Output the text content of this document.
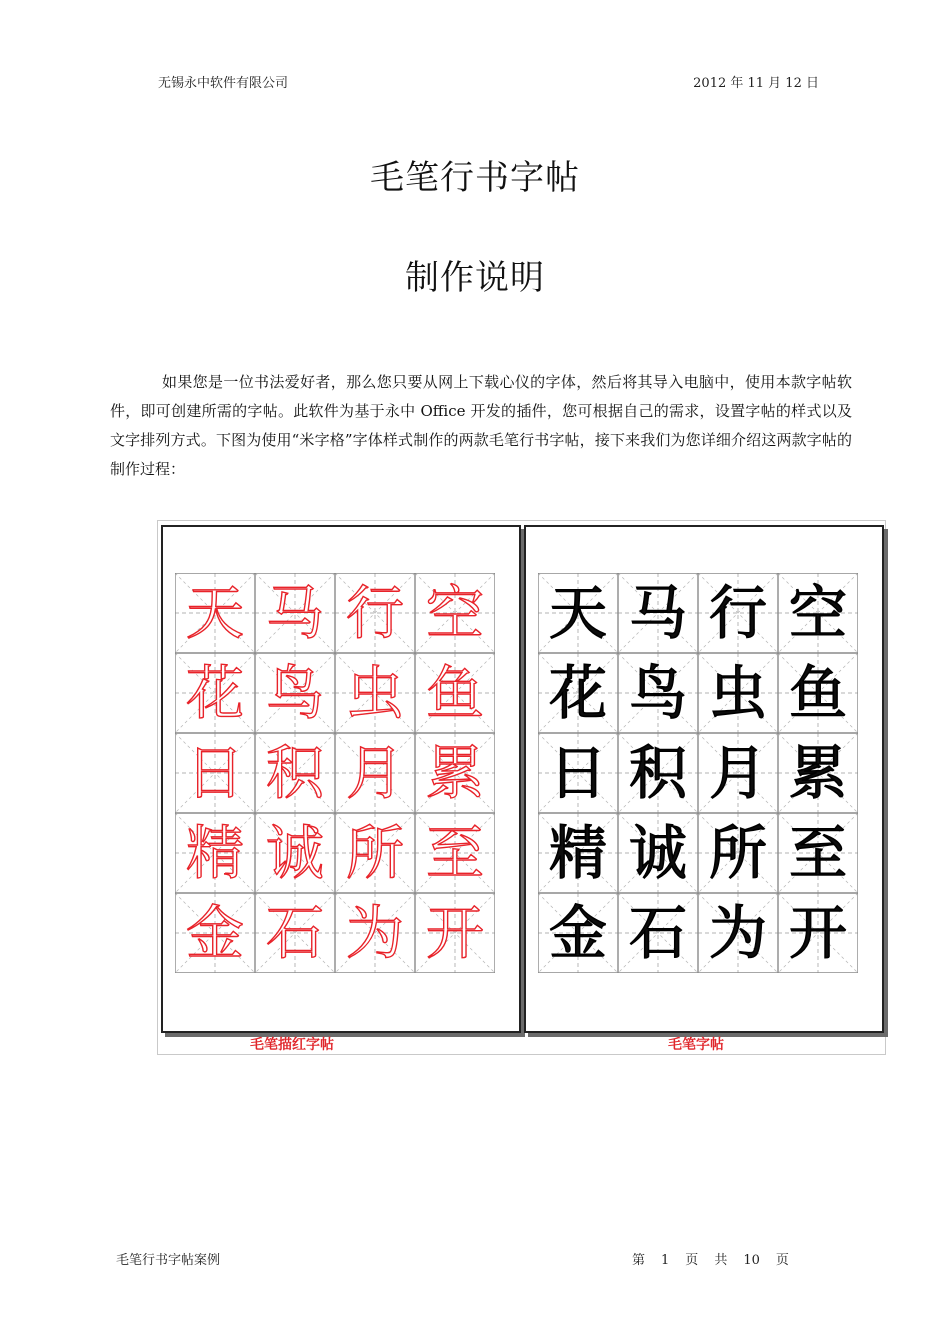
无锡永中软件有限公司	2012 年 11 月 12 日
毛笔行书字帖
制作说明

如果您是一位书法爱好者，那么您只要从网上下载心仪的字体，然后将其导入电脑中，使用本款字帖软件，即可创建所需的字帖。此软件为基于永中 Office 开发的插件，您可根据自己的需求，设置字帖的样式以及文字排列方式。下图为使用“米字格”字体样式制作的两款毛笔行书字帖，接下来我们为您详细介绍这两款字帖的制作过程：

天 马 行 空
花 鸟 虫 鱼
日 积 月 累
精 诚 所 至
金 石 为 开
天 马 行 空
花 鸟 虫 鱼
日 积 月 累
精 诚 所 至
金 石 为 开
毛笔描红字帖	毛笔字帖
毛笔行书字帖案例	第 1 页 共 10 页
